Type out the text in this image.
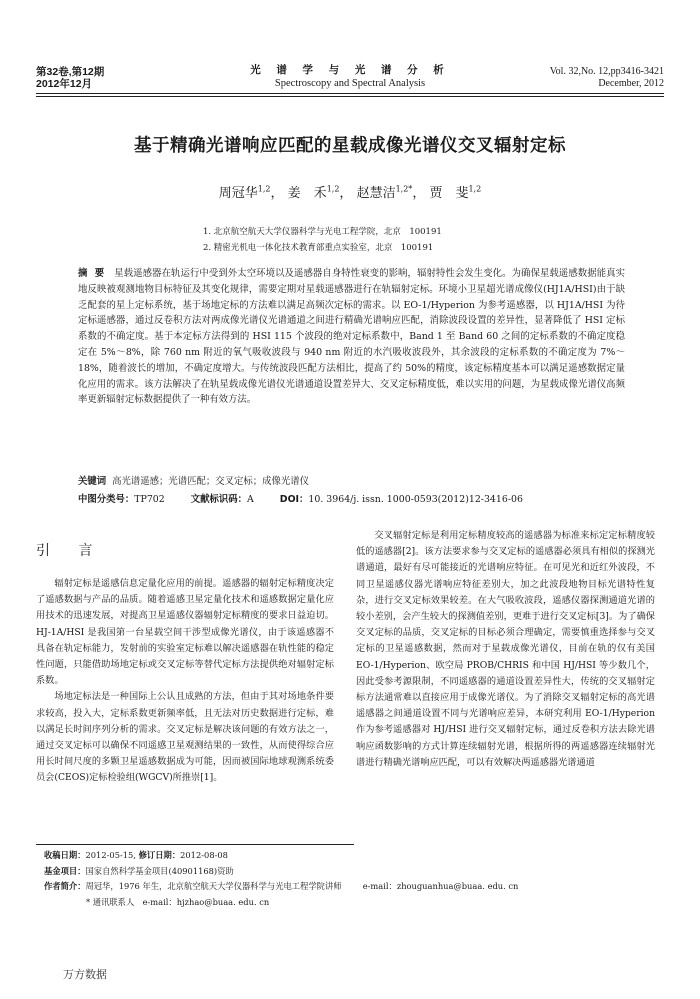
第32卷,第12期
2012年12月
光 谱 学 与 光 谱 分 析
Spectroscopy and Spectral Analysis
Vol. 32,No. 12,pp3416-3421
December, 2012
基于精确光谱响应匹配的星载成像光谱仪交叉辐射定标
周冠华$^{1,2}$， 姜　禾$^{1,2}$， 赵慧洁$^{1,2*}$， 贾　斐$^{1,2}$
1. 北京航空航天大学仪器科学与光电工程学院，北京　100191
2. 精密光机电一体化技术教育部重点实验室，北京　100191
摘 要 星载遥感器在轨运行中受到外太空环境以及遥感器自身特性衰变的影响，辐射特性会发生变化。为确保星载遥感数据能真实地反映被观测地物目标特征及其变化规律，需要定期对星载遥感器进行在轨辐射定标。环境小卫星超光谱成像仪(HJ1A/HSI)由于缺乏配套的星上定标系统，基于场地定标的方法难以满足高频次定标的需求。以 EO-1/Hyperion 为参考遥感器，以 HJ1A/HSI 为待定标遥感器，通过反卷积方法对两成像光谱仪光谱通道之间进行精确光谱响应匹配，消除波段设置的差异性，显著降低了 HSI 定标系数的不确定度。基于本定标方法得到的 HSI 115 个波段的绝对定标系数中，Band 1 至 Band 60 之间的定标系数的不确定度稳定在 5%～8%，除 760 nm 附近的氧气吸收波段与 940 nm 附近的水汽吸收波段外，其余波段的定标系数的不确定度为 7%～18%，随着波长的增加，不确定度增大。与传统波段匹配方法相比，提高了约 50%的精度，该定标精度基本可以满足遥感数据定量化应用的需求。该方法解决了在轨星载成像光谱仪光谱通道设置差异大、交叉定标精度低，难以实用的问题，为星载成像光谱仪高频率更新辐射定标数据提供了一种有效方法。
关键词 高光谱遥感；光谱匹配；交叉定标；成像光谱仪
中图分类号：TP702	文献标识码：A	DOI：10. 3964/j. issn. 1000-0593(2012)12-3416-06
引 言

辐射定标是遥感信息定量化应用的前提。遥感器的辐射定标精度决定了遥感数据与产品的品质。随着遥感卫星定量化技术和遥感数据定量化应用技术的迅速发展，对提高卫星遥感仪器辐射定标精度的要求日益迫切。HJ-1A/HSI 是我国第一台星载空间干涉型成像光谱仪，由于该遥感器不具备在轨定标能力，发射前的实验室定标难以解决遥感器在轨性能的稳定性问题，只能借助场地定标或交叉定标等替代定标方法提供绝对辐射定标系数。

场地定标法是一种国际上公认且成熟的方法，但由于其对场地条件要求较高，投入大，定标系数更新频率低，且无法对历史数据进行定标，难以满足长时间序列分析的需求。交叉定标是解决该问题的有效方法之一，通过交叉定标可以确保不同遥感卫星观测结果的一致性，从而使得综合应用长时间尺度的多颗卫星遥感数据成为可能，因而被国际地球观测系统委员会(CEOS)定标检验组(WGCV)所推崇[1]。

交叉辐射定标是利用定标精度较高的遥感器为标准来标定定标精度较低的遥感器[2]。该方法要求参与交叉定标的遥感器必须具有相似的探测光谱通道，最好有尽可能接近的光谱响应特征。在可见光和近红外波段，不同卫星遥感仪器光谱响应特征差别大，加之此波段地物目标光谱特性复杂，进行交叉定标效果较差。在大气吸收波段，遥感仪器探测通道光谱的较小差别，会产生较大的探测值差别，更难于进行交叉定标[3]。为了确保交叉定标的品质，交叉定标的目标必须合理确定，需要慎重选择参与交叉定标的卫星遥感数据，然而对于星载成像光谱仪，目前在轨的仅有美国 EO-1/Hyperion、欧空局 PROB/CHRIS 和中国 HJ/HSI 等少数几个，因此受参考源限制，不同遥感器的通道设置差异性大，传统的交叉辐射定标方法通常难以直接应用于成像光谱仪。为了消除交叉辐射定标的高光谱遥感器之间通道设置不同与光谱响应差异，本研究利用 EO-1/Hyperion 作为参考遥感器对 HJ/HSI 进行交叉辐射定标，通过反卷积方法去除光谱响应函数影响的方式计算连续辐射光谱，根据所得的两遥感器连续辐射光谱进行精确光谱响应匹配，可以有效解决两遥感器光谱通道

收稿日期：2012-05-15, 修订日期：2012-08-08
基金项目：国家自然科学基金项目(40901168)资助
作者简介：周冠华，1976 年生，北京航空航天大学仪器科学与光电工程学院讲师	e-mail：zhouguanhua@buaa. edu. cn
* 通讯联系人　e-mail：hjzhao@buaa. edu. cn
万方数据
